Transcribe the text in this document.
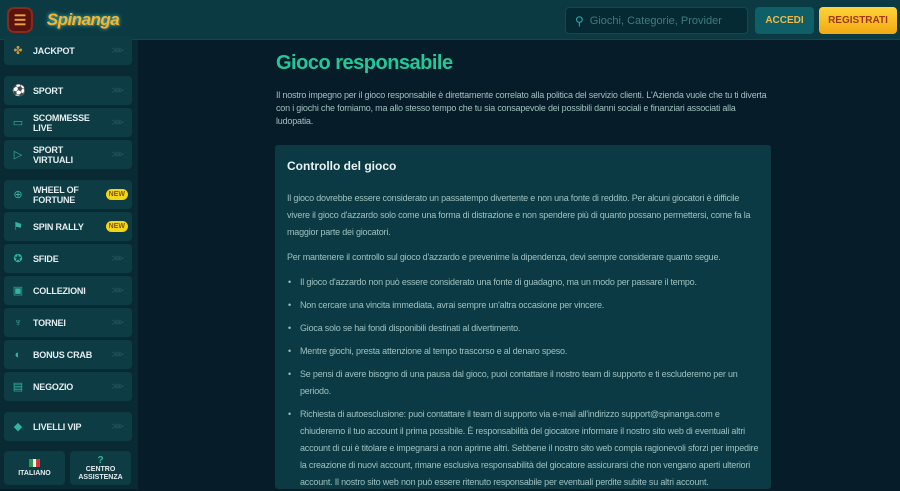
☰ Spinanga	⚲ Giochi, Categorie, Provider	ACCEDI	REGISTRATI
✤ JACKPOT	⋙
⚽ SPORT	⋙
▭ SCOMMESSE LIVE
⋙
▷ SPORT VIRTUALI
⋙
⊕ WHEEL OF FORTUNE	NEW
⚑ SPIN RALLY	NEW
✪ SFIDE	⋙
▣ COLLEZIONI	⋙
♆ TORNEI	⋙
◐ BONUS CRAB	⋙
▤ NEGOZIO	⋙
◆ LIVELLI VIP	⋙
ITALIANO
?
CENTRO ASSISTENZA
Gioco responsabile
Il nostro impegno per il gioco responsabile è direttamente correlato alla politica del servizio clienti. L'Azienda vuole che tu ti diverta con i giochi che forniamo, ma allo stesso tempo che tu sia consapevole dei possibili danni sociali e finanziari associati alla ludopatia.
Controllo del gioco

Il gioco dovrebbe essere considerato un passatempo divertente e non una fonte di reddito. Per alcuni giocatori è difficile vivere il gioco d'azzardo solo come una forma di distrazione e non spendere più di quanto possano permettersi, come fa la maggior parte dei giocatori.

Per mantenere il controllo sul gioco d'azzardo e prevenirne la dipendenza, devi sempre considerare quanto segue.

• Il gioco d'azzardo non può essere considerato una fonte di guadagno, ma un modo per passare il tempo.
• Non cercare una vincita immediata, avrai sempre un'altra occasione per vincere.
• Gioca solo se hai fondi disponibili destinati al divertimento.
• Mentre giochi, presta attenzione al tempo trascorso e al denaro speso.
• Se pensi di avere bisogno di una pausa dal gioco, puoi contattare il nostro team di supporto e ti escluderemo per un periodo.
• Richiesta di autoesclusione: puoi contattare il team di supporto via e-mail all'indirizzo support@spinanga.com e chiuderemo il tuo account il prima possibile. È responsabilità del giocatore informare il nostro sito web di eventuali altri account di cui è titolare e impegnarsi a non aprirne altri. Sebbene il nostro sito web compia ragionevoli sforzi per impedire la creazione di nuovi account, rimane esclusiva responsabilità del giocatore assicurarsi che non vengano aperti ulteriori account. Il nostro sito web non può essere ritenuto responsabile per eventuali perdite subite su altri account.
